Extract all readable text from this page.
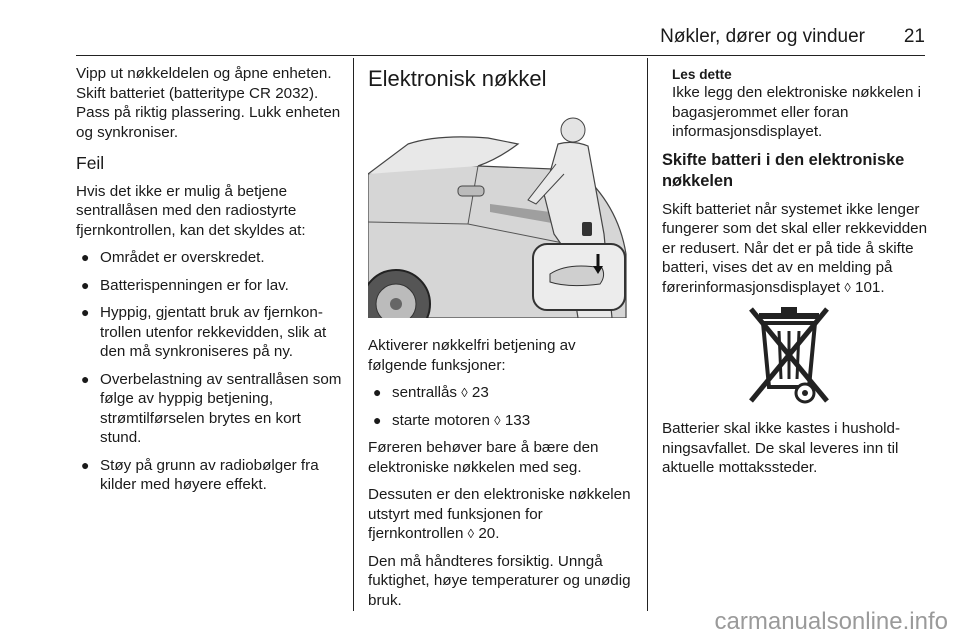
Nøkler, dører og vinduer 21

Vipp ut nøkkeldelen og åpne enheten. Skift batteriet (batteritype CR 2032). Pass på riktig plassering. Lukk enheten og synkroniser.

Feil

Hvis det ikke er mulig å betjene sentrallåsen med den radiostyrte fjernkontrollen, kan det skyldes at:

● Området er overskredet.
● Batterispenningen er for lav.
● Hyppig, gjentatt bruk av fjernkontrollen utenfor rekkevidden, slik at den må synkroniseres på ny.
● Overbelastning av sentrallåsen som følge av hyppig betjening, strømtilførselen brytes en kort stund.
● Støy på grunn av radiobølger fra kilder med høyere effekt.
Elektronisk nøkkel

Aktiverer nøkkelfri betjening av følgende funksjoner:

● sentrallås ◊ 23
● starte motoren ◊ 133

Føreren behøver bare å bære den elektroniske nøkkelen med seg.

Dessuten er den elektroniske nøkkelen utstyrt med funksjonen for fjernkontrollen ◊ 20.

Den må håndteres forsiktig. Unngå fuktighet, høye temperaturer og unødig bruk.

Les dette
Ikke legg den elektroniske nøkkelen i bagasjerommet eller foran informasjonsdisplayet.
Skifte batteri i den elektroniske nøkkelen

Skift batteriet når systemet ikke lenger fungerer som det skal eller rekkevidden er redusert. Når det er på tide å skifte batteri, vises det av en melding på førerinformasjonsdisplayet ◊ 101.

Batterier skal ikke kastes i husholdningsavfallet. De skal leveres inn til aktuelle mottakssteder.

carmanualsonline.info
